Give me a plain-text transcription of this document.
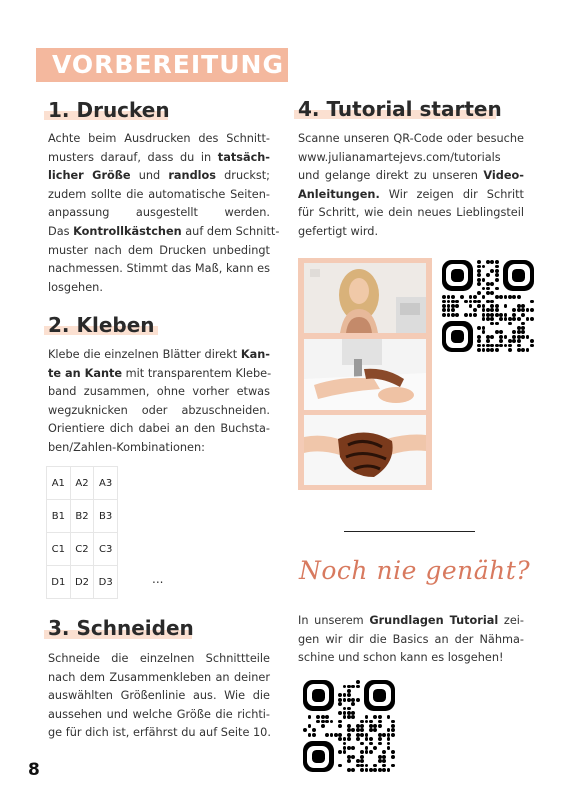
VORBEREITUNG
1. Drucken
Achte beim Ausdrucken des Schnitt-
musters darauf, dass du in tatsäch-
licher Größe und randlos druckst;
zudem sollte die automatische Seiten-
anpassung ausgestellt werden.
Das Kontrollkästchen auf dem Schnitt-
muster nach dem Drucken unbedingt
nachmessen. Stimmt das Maß, kann es
losgehen.
2. Kleben
Klebe die einzelnen Blätter direkt Kan-
te an Kante mit transparentem Klebe-
band zusammen, ohne vorher etwas
wegzuknicken oder abzuschneiden.
Orientiere dich dabei an den Buchsta-
ben/Zahlen-Kombinationen:
A1	A2	A3
B1	B2	B3
C1	C2	C3
D1	D2	D3	...
3. Schneiden
Schneide die einzelnen Schnittteile
nach dem Zusammenkleben an deiner
auswählten Größenlinie aus. Wie die
aussehen und welche Größe die richti-
ge für dich ist, erfährst du auf Seite 10.
4. Tutorial starten
Scanne unseren QR-Code oder besuche
www.julianamartejevs.com/tutorials
und gelange direkt zu unseren Video-
Anleitungen. Wir zeigen dir Schritt
für Schritt, wie dein neues Lieblingsteil
gefertigt wird.
Noch nie genäht?
In unserem Grundlagen Tutorial zei-
gen wir dir die Basics an der Nähma-
schine und schon kann es losgehen!
8
